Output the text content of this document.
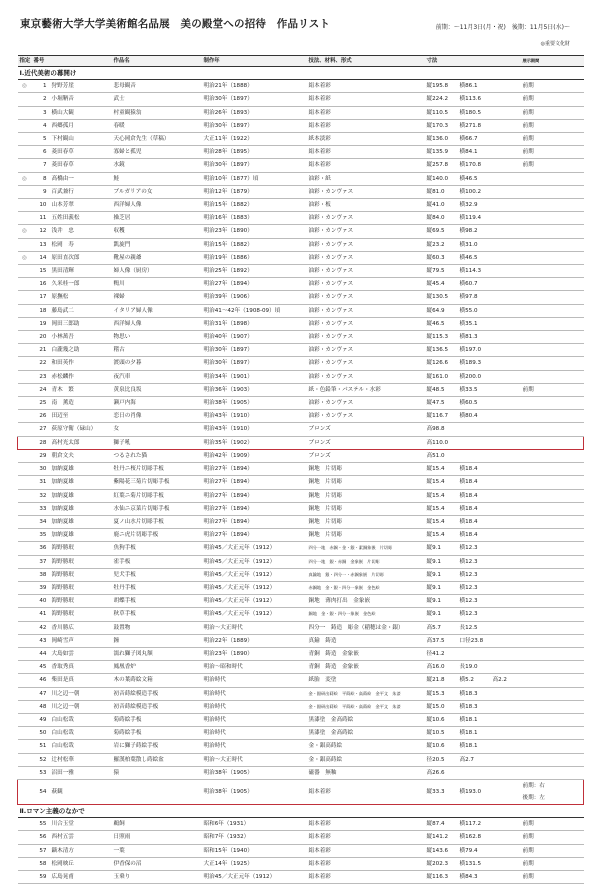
東京藝術大学大学美術館名品展　美の殿堂への招待　作品リスト	前期：～11月3日(月・祝)　後期：11月5日(水)～
◎重要文化財
指定	番号		作品名	制作年	技法、材料、形式	寸法			展示期間
Ⅰ.近代美術の幕開け									
◎	1	狩野芳崖	悲母観音	明治21年（1888）	絹本着彩	縦195.8	横86.1		前期
	2	小堀鞆音	武士	明治30年（1897）	絹本着彩	縦224.2	横113.6		前期
	3	横山大観	村童観猿翁	明治26年（1893）	絹本着彩	縦110.5	横180.5		前期
	4	西郷孤月	春暖	明治30年（1897）	絹本着彩	縦170.3	横271.8		前期
	5	下村観山	天心岡倉先生（草稿）	大正11年（1922）	紙本淡彩	縦136.0	横66.7		前期
	6	菱田春草	寡婦と孤児	明治28年（1895）	絹本着彩	縦135.9	横84.1		前期
	7	菱田春草	水鏡	明治30年（1897）	絹本着彩	縦257.8	横170.8		前期
◎	8	高橋由一	鮭	明治10年（1877）頃	油彩・紙	縦140.0	横46.5		
	9	百武兼行	ブルガリアの女	明治12年（1879）	油彩・カンヴァス	縦81.0	横100.2		
	10	山本芳翠	西洋婦人像	明治15年（1882）	油彩・板	縦41.0	横32.9		
	11	五姓田義松	操芝居	明治16年（1883）	油彩・カンヴァス	縦84.0	横119.4		
◎	12	浅井　忠	収穫	明治23年（1890）	油彩・カンヴァス	縦69.5	横98.2		
	13	松岡　寿	凱旋門	明治15年（1882）	油彩・カンヴァス	縦23.2	横31.0		
◎	14	原田直次郎	靴屋の親爺	明治19年（1886）	油彩・カンヴァス	縦60.3	横46.5		
	15	黒田清輝	婦人像（厨房）	明治25年（1892）	油彩・カンヴァス	縦79.5	横114.3		
	16	久米桂一郎	鴨川	明治27年（1894）	油彩・カンヴァス	縦45.4	横60.7		
	17	原撫松	裸婦	明治39年（1906）	油彩・カンヴァス	縦130.5	横97.8		
	18	藤島武二	イタリア婦人像	明治41～42年（1908-09）頃	油彩・カンヴァス	縦64.9	横55.0		
	19	岡田三郎助	西洋婦人像	明治31年（1898）	油彩・カンヴァス	縦46.5	横35.1		
	20	小林萬吾	物思い	明治40年（1907）	油彩・カンヴァス	縦115.3	横81.3		
	21	白瀧幾之助	稽古	明治30年（1897）	油彩・カンヴァス	縦136.5	横197.0		
	22	和田英作	渡頭の夕暮	明治30年（1897）	油彩・カンヴァス	縦126.6	横189.3		
	23	赤松麟作	夜汽車	明治34年（1901）	油彩・カンヴァス	縦161.0	横200.0		
	24	青木　繁	黄泉比良坂	明治36年（1903）	紙・色鉛筆・パステル・水彩	縦48.5	横33.5		前期
	25	南　薫造	瀬戸内海	明治38年（1905）	油彩・カンヴァス	縦47.5	横60.5		
	26	田辺至	恋日の肖像	明治43年（1910）	油彩・カンヴァス	縦116.7	横80.4		
	27	荻原守衛（碌山）	女	明治43年（1910）	ブロンズ	高98.8			
	28	高村光太郎	獅子吼	明治35年（1902）	ブロンズ	高110.0			
	29	朝倉文夫	つるされた猫	明治42年（1909）	ブロンズ	高51.0			
	30	加納夏雄	牡丹ニ桜片切彫手板	明治27年（1894）	銅地　片切彫	縦15.4	横18.4		
	31	加納夏雄	紫陽花三菊片切彫手板	明治27年（1894）	銅地　片切彫	縦15.4	横18.4		
	32	加納夏雄	紅葉ニ菊片切彫手板	明治27年（1894）	銅地　片切彫	縦15.4	横18.4		
	33	加納夏雄	水仙ニ京菜片切彫手板	明治27年（1894）	銅地　片切彫	縦15.4	横18.4		
	34	加納夏雄	夏ノ山水片切彫手板	明治27年（1894）	銅地　片切彫	縦15.4	横18.4		
	35	加納夏雄	鹿ニ虎片切彫手板	明治27年（1894）	銅地　片切彫	縦15.4	横18.4		
	36	海野勝珉	魚狗手板	明治45／大正元年（1912）	四分一地　赤銅・金・銀・素銅象嵌　片切彫	縦9.1	横12.3		
	37	海野勝珉	雀手板	明治45／大正元年（1912）	四分一地　銀・赤銅　金象嵌　片切彫	縦9.1	横12.3		
	38	海野勝珉	児犬手板	明治45／大正元年（1912）	真鍮地　銀・四分一・赤銅象嵌　片切彫	縦9.1	横12.3		
	39	海野勝珉	牡丹手板	明治45／大正元年（1912）	赤銅地　金・銀・四分一象嵌　金色絵	縦9.1	横12.3		
	40	海野勝珉	胡蝶手板	明治45／大正元年（1912）	銅地　薄肉打出　金象嵌	縦9.1	横12.3		
	41	海野勝珉	秋草手板	明治45／大正元年（1912）	銅地　金・銀・四分一象嵌　金色絵	縦9.1	横12.3		
	42	香川勝広	鼓置物	明治～大正時代	四分一　鋳造　彫金（稲穂は金・銀）	高5.7	長12.5		
	43	岡崎雪声	鐘	明治22年（1889）	真鍮　鋳造	高37.5	口径23.8		
	44	大島如雲	濡れ獅子図丸額	明治23年（1890）	青銅　鋳造　金象嵌	径41.2			
	45	香取秀真	鳳凰香炉	明治～昭和時代	青銅　鋳造　金象嵌	高16.0	長19.0		
	46	柴田是真	木の葉蒔絵文箱	明治時代	紙胎　変塗	縦21.8	横5.2	高2.2	
	47	川之辺一朝	初音蒔絵模造手板	明治時代	金・銀研出蒔絵　平蒔絵・高蒔絵　金平文　朱漆	縦15.3	横18.3		
	48	川之辺一朝	初音蒔絵模造手板	明治時代	金・銀研出蒔絵　平蒔絵・高蒔絵　金平文　朱漆	縦15.0	横18.3		
	49	白山松哉	菊蒔絵手板	明治時代	黒漆塗　金高蒔絵	縦10.6	横18.1		
	50	白山松哉	菊蒔絵手板	明治時代	黒漆塗　金高蒔絵	縦10.5	横18.1		
	51	白山松哉	岩に獅子蒔絵手板	明治時代	金・銀高蒔絵	縦10.6	横18.1		
	52	辻村松華	羅漢柏葉散し蒔絵盆	明治～大正時代	金・銀高蒔絵	径20.5	高2.7		
	53	沼田一雅	猿	明治38年（1905）	磁器　無釉	高26.6			
	54	萩観		明治38年（1905）	絹本着彩	縦33.3	横193.0		前期：右
後期：左
Ⅱ.ロマン主義のなかで									
	55	川合玉堂	鵜飼	昭和6年（1931）	絹本着彩	縦87.4	横117.2		前期
	56	西村五雲	日照雨	昭和7年（1932）	絹本着彩	縦141.2	横162.8		前期
	57	鏑木清方	一葉	昭和15年（1940）	絹本着彩	縦143.6	横79.4		前期
	58	松岡映丘	伊香保の沼	大正14年（1925）	絹本着彩	縦202.3	横131.5		前期
	59	広島晃甫	玉乗り	明治45／大正元年（1912）	絹本着彩	縦116.3	横84.3		前期
